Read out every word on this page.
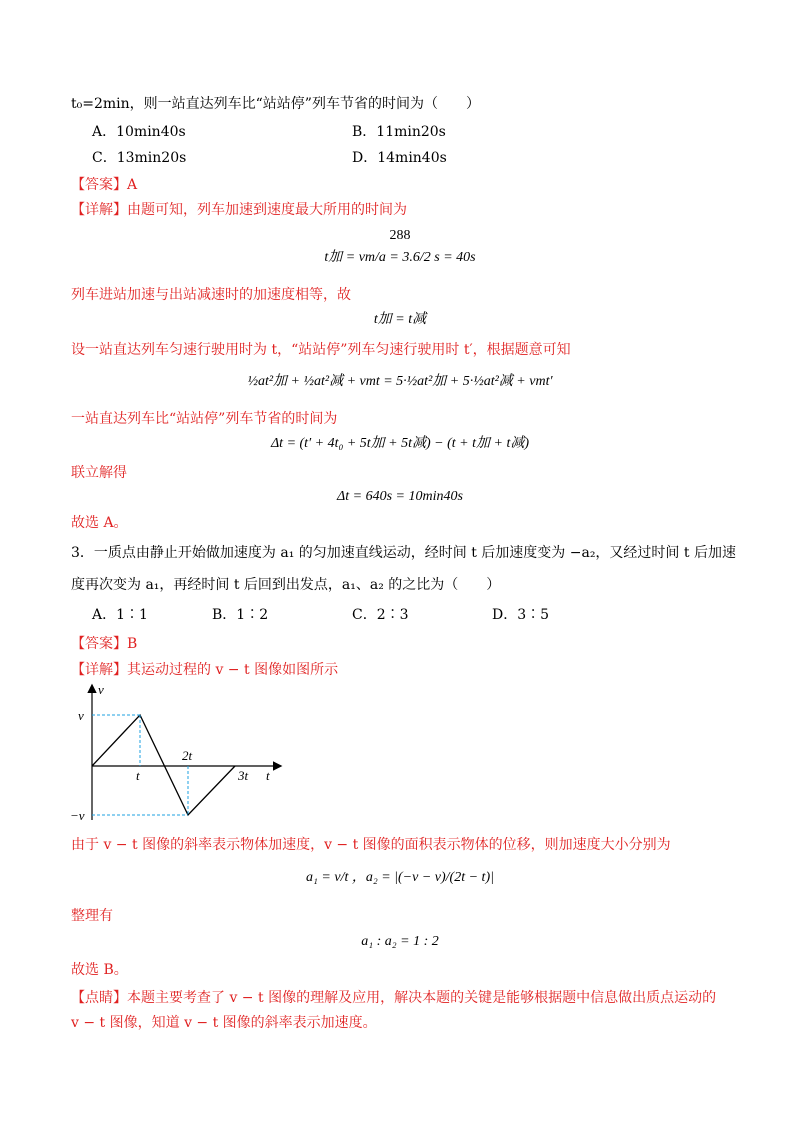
t₀=2min，则一站直达列车比“站站停”列车节省的时间为（　　）
A．10min40s	B．11min20s
C．13min20s	D．14min40s
【答案】A
【详解】由题可知，列车加速到速度最大所用的时间为
288
t加 = vm/a = 3.6/2 s = 40s
列车进站加速与出站减速时的加速度相等，故
t加 = t减
设一站直达列车匀速行驶用时为 t，“站站停”列车匀速行驶用时 t′，根据题意可知
½at²加 + ½at²减 + vmt = 5·½at²加 + 5·½at²减 + vmt′
一站直达列车比“站站停”列车节省的时间为
Δt = (t′ + 4t₀ + 5t加 + 5t减) − (t + t加 + t减)
联立解得
Δt = 640s = 10min40s
故选 A。
3．一质点由静止开始做加速度为 a₁ 的匀加速直线运动，经时间 t 后加速度变为 −a₂，又经过时间 t 后加速
度再次变为 a₁，再经时间 t 后回到出发点，a₁、a₂ 的之比为（　　）
A．1∶1	B．1∶2	C．2∶3	D．3∶5
【答案】B
【详解】其运动过程的 v − t 图像如图所示
v
t
v
−v
t
2t
3t
由于 v − t 图像的斜率表示物体加速度，v − t 图像的面积表示物体的位移，则加速度大小分别为
a₁ = v/t ，a₂ = |(−v − v)/(2t − t)|
整理有
a₁ : a₂ = 1 : 2
故选 B。
【点睛】本题主要考查了 v − t 图像的理解及应用，解决本题的关键是能够根据题中信息做出质点运动的
v − t 图像，知道 v − t 图像的斜率表示加速度。
